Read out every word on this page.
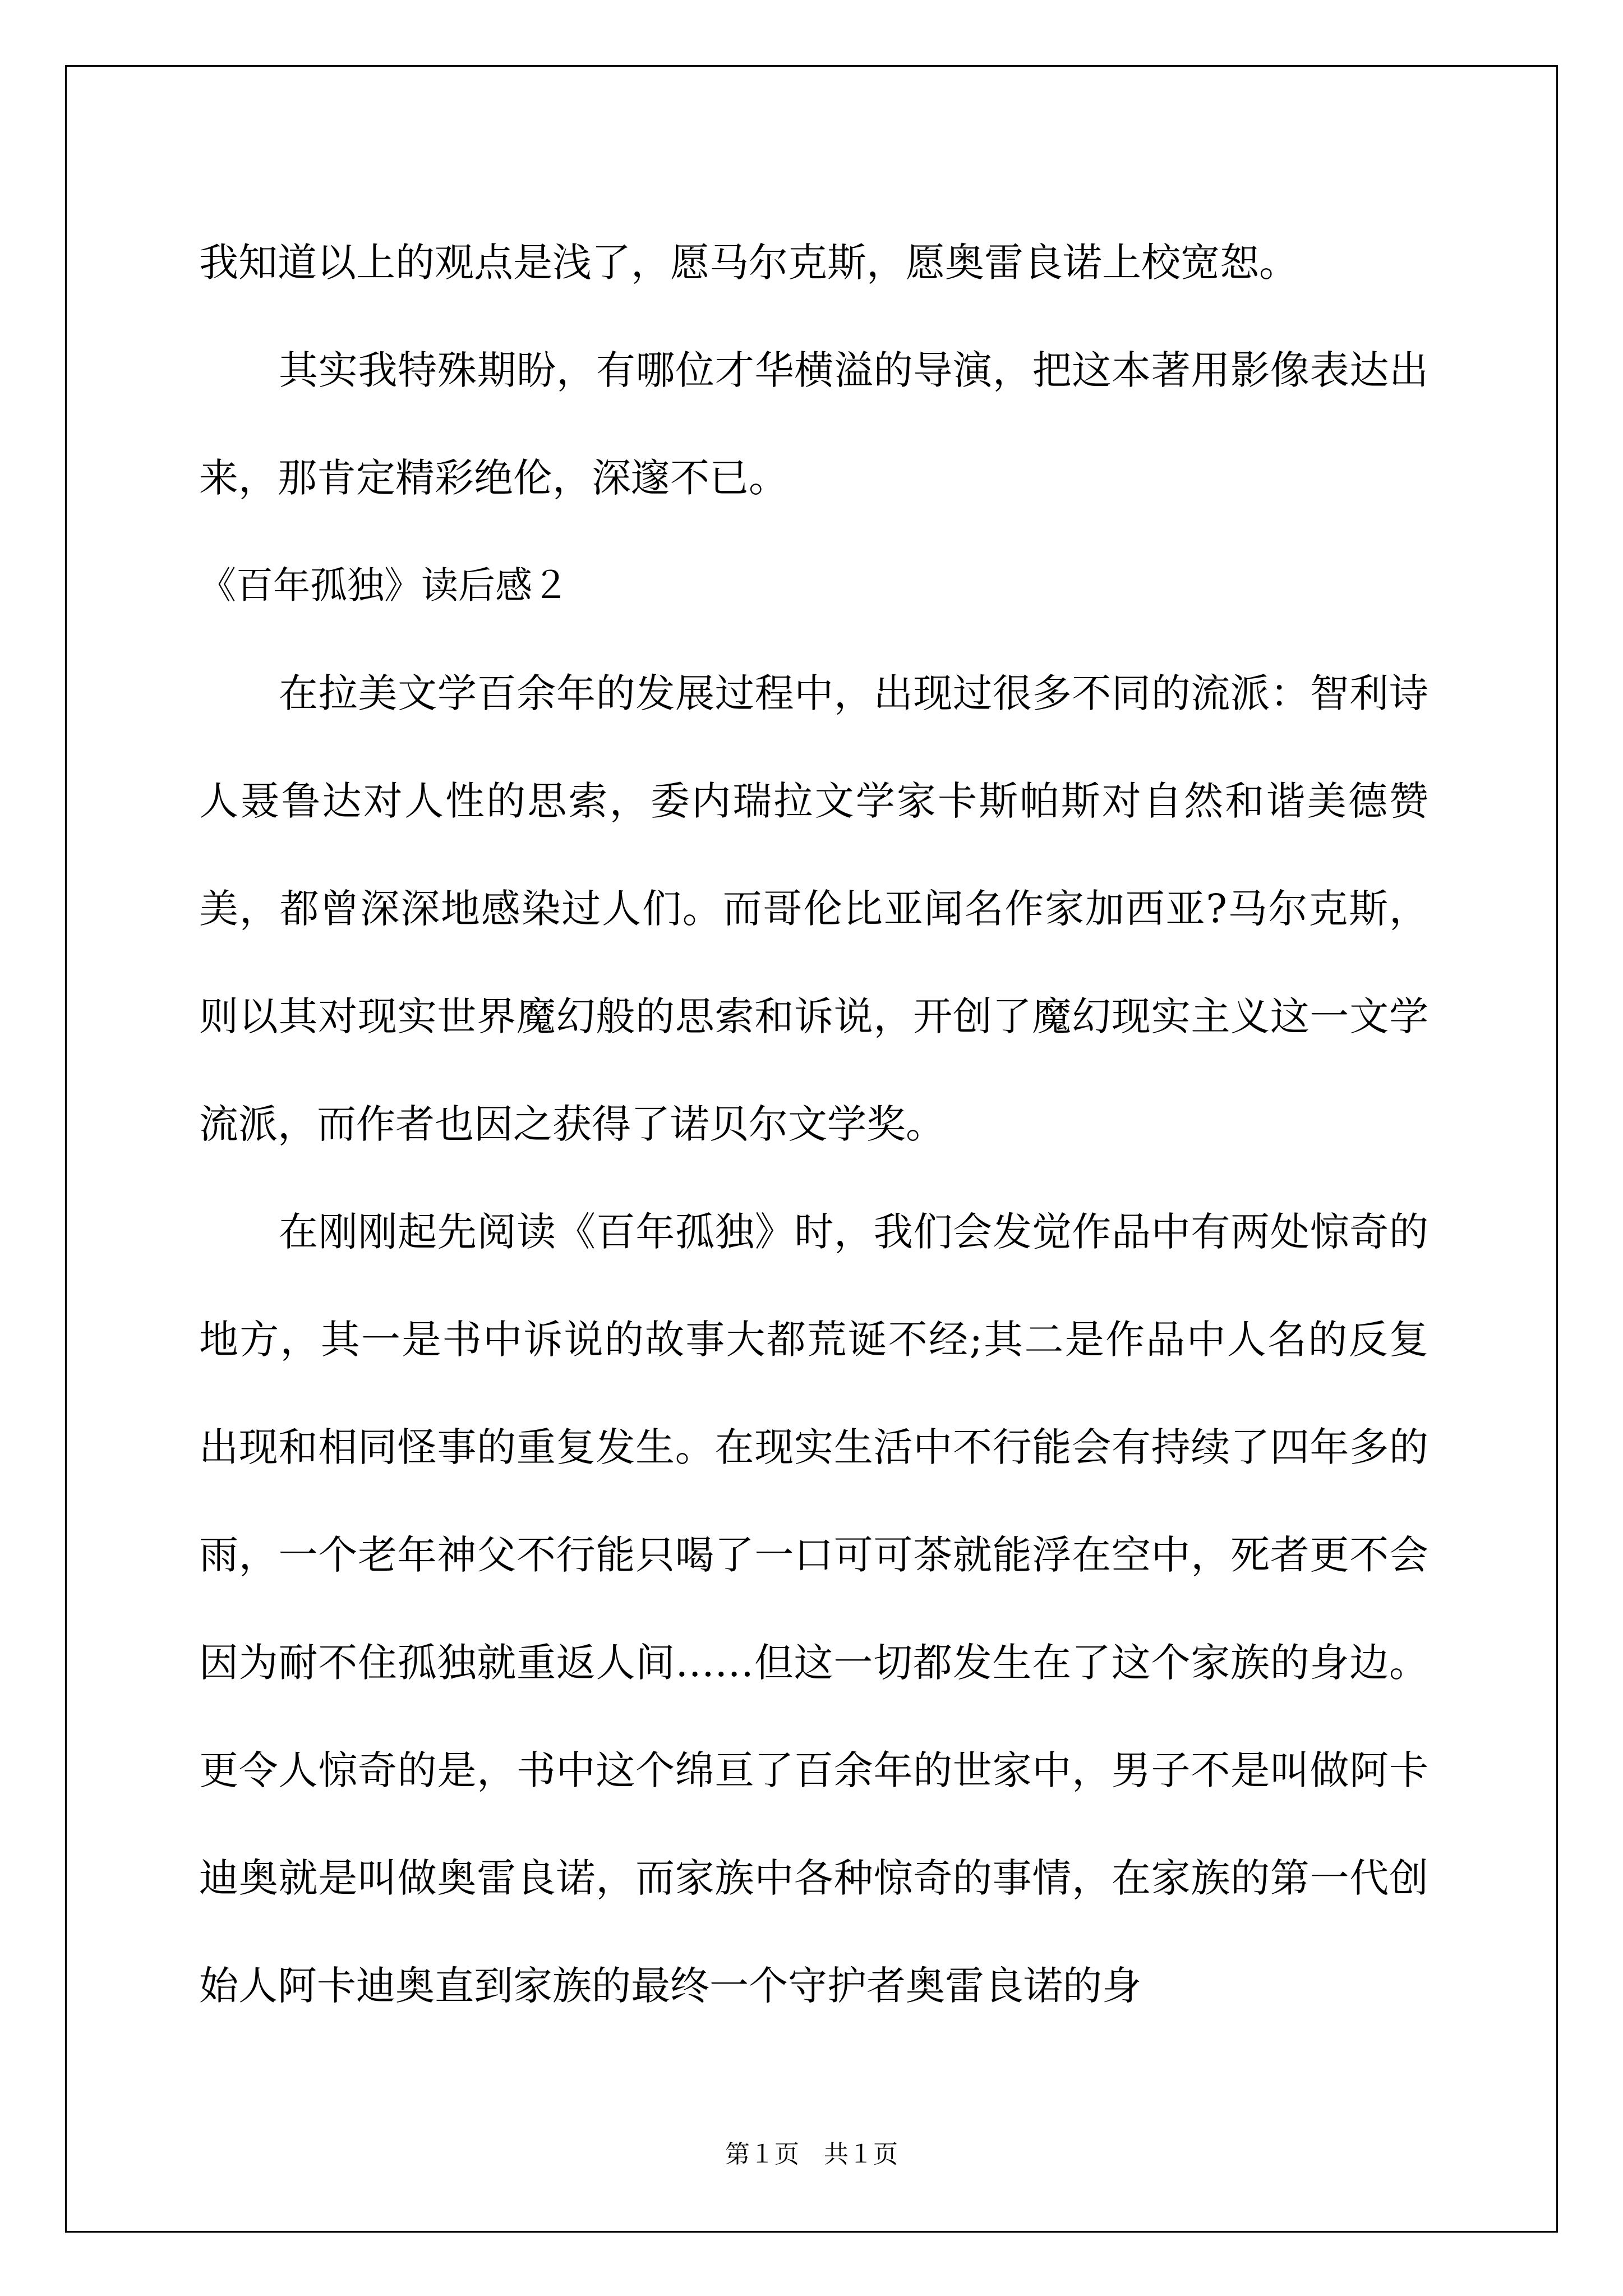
我知道以上的观点是浅了，愿马尔克斯，愿奥雷良诺上校宽恕。

其实我特殊期盼，有哪位才华横溢的导演，把这本著用影像表达出来，那肯定精彩绝伦，深邃不已。

《百年孤独》读后感２

在拉美文学百余年的发展过程中，出现过很多不同的流派：智利诗人聂鲁达对人性的思索，委内瑞拉文学家卡斯帕斯对自然和谐美德赞美，都曾深深地感染过人们。而哥伦比亚闻名作家加西亚?马尔克斯，则以其对现实世界魔幻般的思索和诉说，开创了魔幻现实主义这一文学流派，而作者也因之获得了诺贝尔文学奖。

在刚刚起先阅读《百年孤独》时，我们会发觉作品中有两处惊奇的地方，其一是书中诉说的故事大都荒诞不经;其二是作品中人名的反复出现和相同怪事的重复发生。在现实生活中不行能会有持续了四年多的雨，一个老年神父不行能只喝了一口可可茶就能浮在空中，死者更不会因为耐不住孤独就重返人间……但这一切都发生在了这个家族的身边。更令人惊奇的是，书中这个绵亘了百余年的世家中，男子不是叫做阿卡迪奥就是叫做奥雷良诺，而家族中各种惊奇的事情，在家族的第一代创始人阿卡迪奥直到家族的最终一个守护者奥雷良诺的身

第１页　共１页
